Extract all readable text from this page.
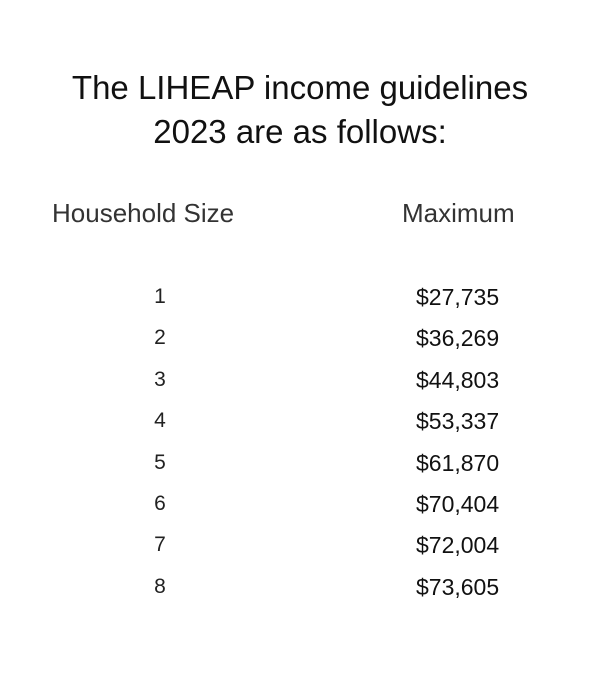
The LIHEAP income guidelines
2023 are as follows:
Household Size	Maximum
1	$27,735
2	$36,269
3	$44,803
4	$53,337
5	$61,870
6	$70,404
7	$72,004
8	$73,605
